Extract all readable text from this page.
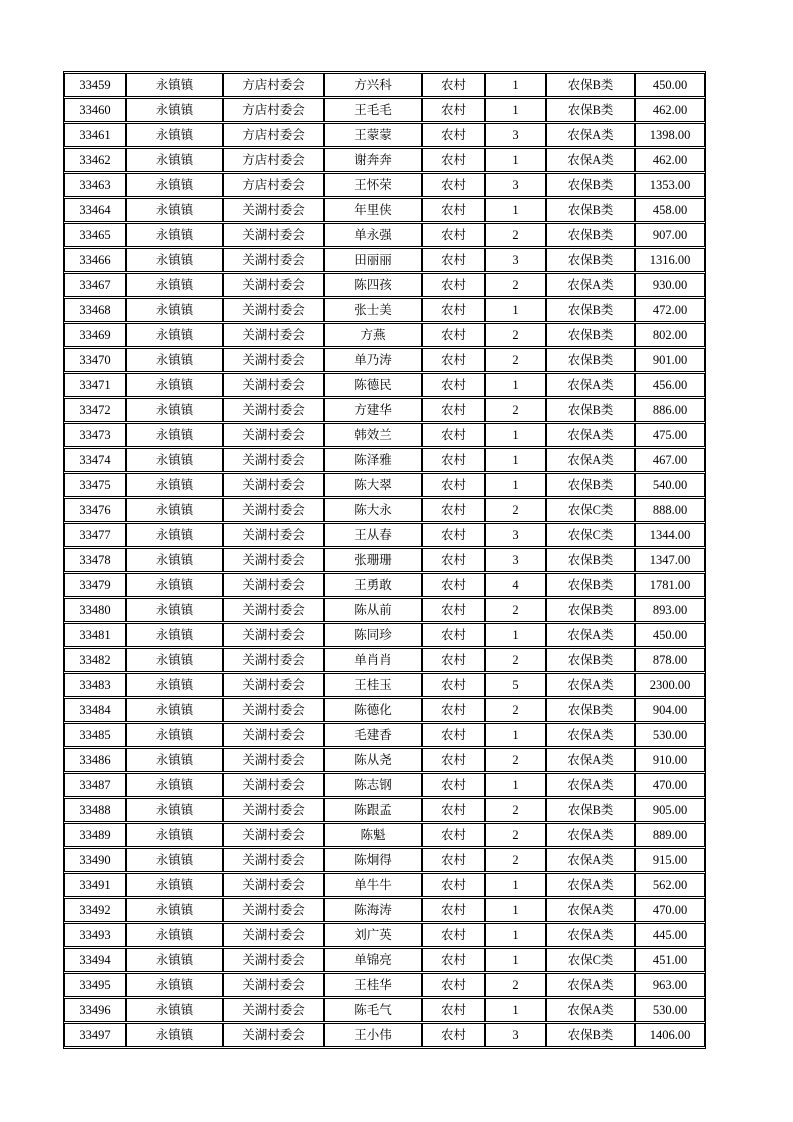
33459	永镇镇	方店村委会	方兴科	农村	1	农保B类	450.00
33460	永镇镇	方店村委会	王毛毛	农村	1	农保B类	462.00
33461	永镇镇	方店村委会	王蒙蒙	农村	3	农保A类	1398.00
33462	永镇镇	方店村委会	谢奔奔	农村	1	农保A类	462.00
33463	永镇镇	方店村委会	王怀荣	农村	3	农保B类	1353.00
33464	永镇镇	关湖村委会	年里侠	农村	1	农保B类	458.00
33465	永镇镇	关湖村委会	单永强	农村	2	农保B类	907.00
33466	永镇镇	关湖村委会	田丽丽	农村	3	农保B类	1316.00
33467	永镇镇	关湖村委会	陈四孩	农村	2	农保A类	930.00
33468	永镇镇	关湖村委会	张士美	农村	1	农保B类	472.00
33469	永镇镇	关湖村委会	方燕	农村	2	农保B类	802.00
33470	永镇镇	关湖村委会	单乃涛	农村	2	农保B类	901.00
33471	永镇镇	关湖村委会	陈德民	农村	1	农保A类	456.00
33472	永镇镇	关湖村委会	方建华	农村	2	农保B类	886.00
33473	永镇镇	关湖村委会	韩效兰	农村	1	农保A类	475.00
33474	永镇镇	关湖村委会	陈泽雅	农村	1	农保A类	467.00
33475	永镇镇	关湖村委会	陈大翠	农村	1	农保B类	540.00
33476	永镇镇	关湖村委会	陈大永	农村	2	农保C类	888.00
33477	永镇镇	关湖村委会	王从春	农村	3	农保C类	1344.00
33478	永镇镇	关湖村委会	张珊珊	农村	3	农保B类	1347.00
33479	永镇镇	关湖村委会	王勇敢	农村	4	农保B类	1781.00
33480	永镇镇	关湖村委会	陈从前	农村	2	农保B类	893.00
33481	永镇镇	关湖村委会	陈同珍	农村	1	农保A类	450.00
33482	永镇镇	关湖村委会	单肖肖	农村	2	农保B类	878.00
33483	永镇镇	关湖村委会	王桂玉	农村	5	农保A类	2300.00
33484	永镇镇	关湖村委会	陈德化	农村	2	农保B类	904.00
33485	永镇镇	关湖村委会	毛建香	农村	1	农保A类	530.00
33486	永镇镇	关湖村委会	陈从尧	农村	2	农保A类	910.00
33487	永镇镇	关湖村委会	陈志钢	农村	1	农保A类	470.00
33488	永镇镇	关湖村委会	陈跟孟	农村	2	农保B类	905.00
33489	永镇镇	关湖村委会	陈魁	农村	2	农保A类	889.00
33490	永镇镇	关湖村委会	陈炯得	农村	2	农保A类	915.00
33491	永镇镇	关湖村委会	单牛牛	农村	1	农保A类	562.00
33492	永镇镇	关湖村委会	陈海涛	农村	1	农保A类	470.00
33493	永镇镇	关湖村委会	刘广英	农村	1	农保A类	445.00
33494	永镇镇	关湖村委会	单锦亮	农村	1	农保C类	451.00
33495	永镇镇	关湖村委会	王桂华	农村	2	农保A类	963.00
33496	永镇镇	关湖村委会	陈毛气	农村	1	农保A类	530.00
33497	永镇镇	关湖村委会	王小伟	农村	3	农保B类	1406.00
